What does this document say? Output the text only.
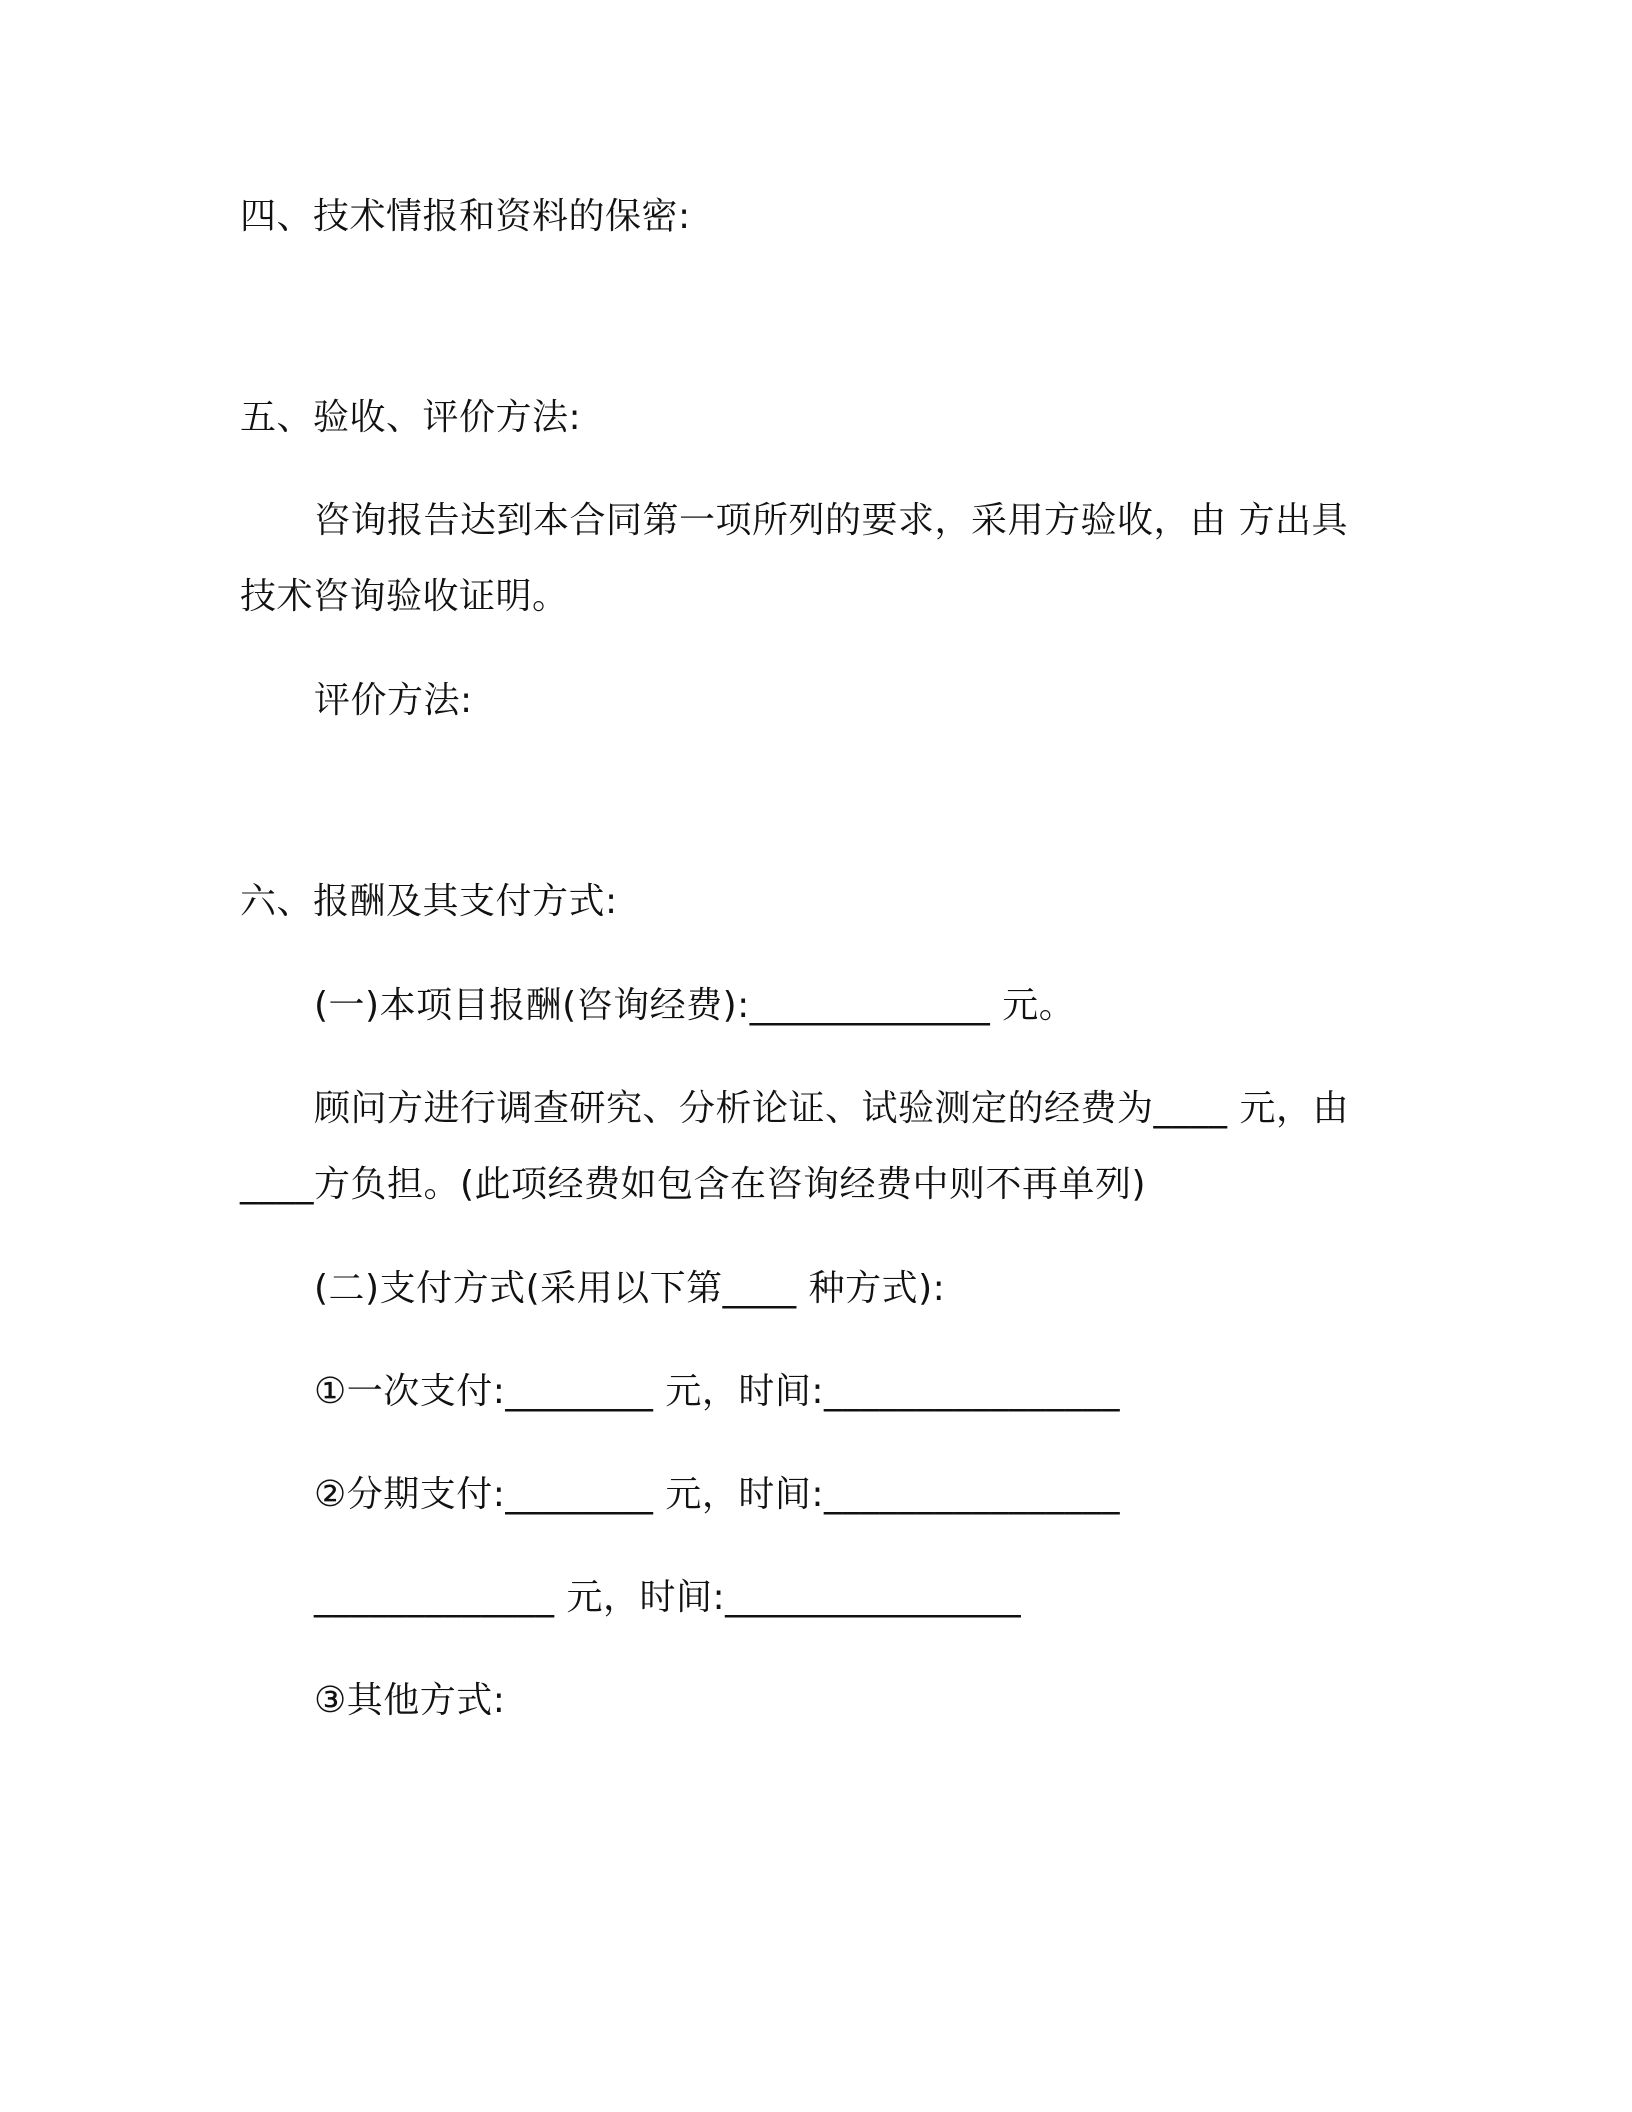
四、技术情报和资料的保密:
五、验收、评价方法:
咨询报告达到本合同第一项所列的要求，采用方验收，由 方出具
技术咨询验收证明。
评价方法:
六、报酬及其支付方式:
(一)本项目报酬(咨询经费):_____________ 元。
顾问方进行调查研究、分析论证、试验测定的经费为____ 元，由
____方负担。(此项经费如包含在咨询经费中则不再单列)
(二)支付方式(采用以下第____ 种方式):
①一次支付:________ 元，时间:________________
②分期支付:________ 元，时间:________________
_____________ 元，时间:________________
③其他方式:
